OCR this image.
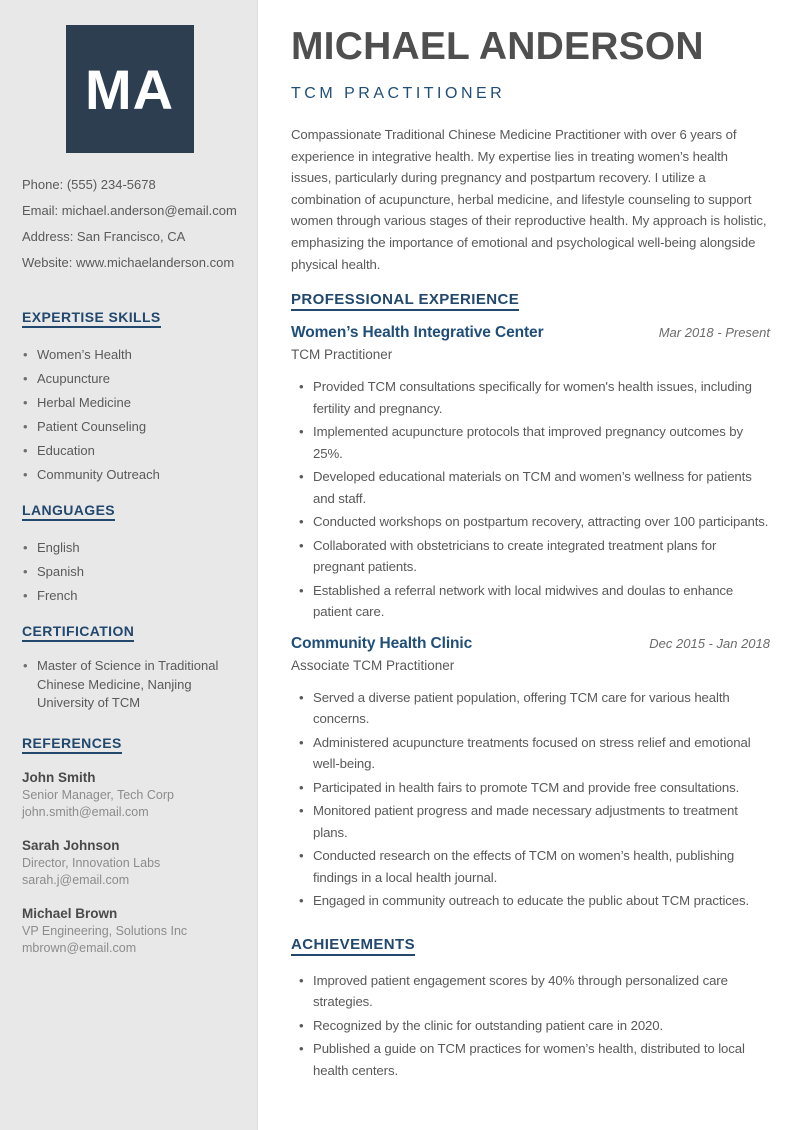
MA
Phone: (555) 234-5678
Email: michael.anderson@email.com
Address: San Francisco, CA
Website: www.michaelanderson.com
EXPERTISE SKILLS
• Women’s Health
• Acupuncture
• Herbal Medicine
• Patient Counseling
• Education
• Community Outreach
LANGUAGES
• English
• Spanish
• French
CERTIFICATION
• Master of Science in Traditional Chinese Medicine, Nanjing University of TCM
REFERENCES
John Smith
Senior Manager, Tech Corp
john.smith@email.com
Sarah Johnson
Director, Innovation Labs
sarah.j@email.com
Michael Brown
VP Engineering, Solutions Inc
mbrown@email.com
MICHAEL ANDERSON
TCM PRACTITIONER

Compassionate Traditional Chinese Medicine Practitioner with over 6 years of experience in integrative health. My expertise lies in treating women’s health issues, particularly during pregnancy and postpartum recovery. I utilize a combination of acupuncture, herbal medicine, and lifestyle counseling to support women through various stages of their reproductive health. My approach is holistic, emphasizing the importance of emotional and psychological well-being alongside physical health.

PROFESSIONAL EXPERIENCE
Women’s Health Integrative Center	Mar 2018 - Present
TCM Practitioner
• Provided TCM consultations specifically for women's health issues, including fertility and pregnancy.
• Implemented acupuncture protocols that improved pregnancy outcomes by 25%.
• Developed educational materials on TCM and women’s wellness for patients and staff.
• Conducted workshops on postpartum recovery, attracting over 100 participants.
• Collaborated with obstetricians to create integrated treatment plans for pregnant patients.
• Established a referral network with local midwives and doulas to enhance patient care.
Community Health Clinic	Dec 2015 - Jan 2018
Associate TCM Practitioner
• Served a diverse patient population, offering TCM care for various health concerns.
• Administered acupuncture treatments focused on stress relief and emotional well-being.
• Participated in health fairs to promote TCM and provide free consultations.
• Monitored patient progress and made necessary adjustments to treatment plans.
• Conducted research on the effects of TCM on women’s health, publishing findings in a local health journal.
• Engaged in community outreach to educate the public about TCM practices.
ACHIEVEMENTS
• Improved patient engagement scores by 40% through personalized care strategies.
• Recognized by the clinic for outstanding patient care in 2020.
• Published a guide on TCM practices for women’s health, distributed to local health centers.
